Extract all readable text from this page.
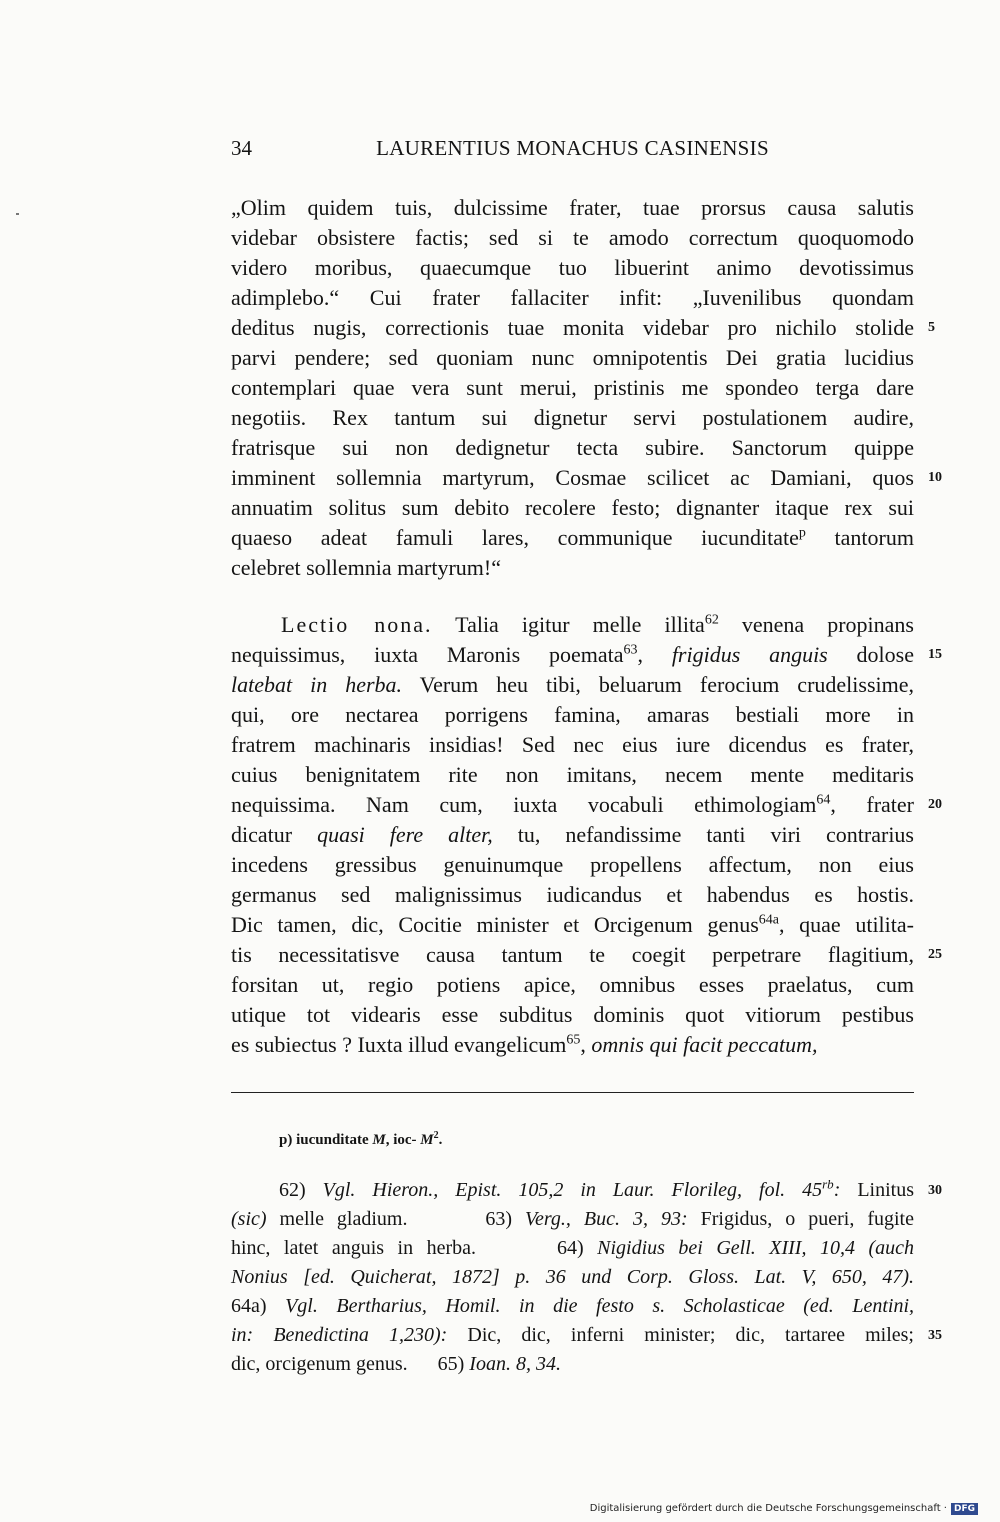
34	LAURENTIUS MONACHUS CASINENSIS
„Olim quidem tuis, dulcissime frater, tuae prorsus causa salutis
videbar obsistere factis; sed si te amodo correctum quoquomodo
videro moribus, quaecumque tuo libuerint animo devotissimus
adimplebo.“ Cui frater fallaciter infit: „Iuvenilibus quondam
deditus nugis, correctionis tuae monita videbar pro nichilo stolide 5
parvi pendere; sed quoniam nunc omnipotentis Dei gratia lucidius
contemplari quae vera sunt merui, pristinis me spondeo terga dare
negotiis. Rex tantum sui dignetur servi postulationem audire,
fratrisque sui non dedignetur tecta subire. Sanctorum quippe
imminent sollemnia martyrum, Cosmae scilicet ac Damiani, quos 10
annuatim solitus sum debito recolere festo; dignanter itaque rex sui
quaeso adeat famuli lares, communique iucunditate$^p$ tantorum
celebret sollemnia martyrum!“
Lectio nona. Talia igitur melle illita$^{62}$ venena propinans
nequissimus, iuxta Maronis poemata$^{63}$, frigidus anguis dolose 15
latebat in herba. Verum heu tibi, beluarum ferocium crudelissime,
qui, ore nectarea porrigens famina, amaras bestiali more in
fratrem machinaris insidias! Sed nec eius iure dicendus es frater,
cuius benignitatem rite non imitans, necem mente meditaris
nequissima. Nam cum, iuxta vocabuli ethimologiam$^{64}$, frater 20
dicatur quasi fere alter, tu, nefandissime tanti viri contrarius
incedens gressibus genuinumque propellens affectum, non eius
germanus sed malignissimus iudicandus et habendus es hostis.
Dic tamen, dic, Cocitie minister et Orcigenum genus$^{64a}$, quae utilita-
tis necessitatisve causa tantum te coegit perpetrare flagitium, 25
forsitan ut, regio potiens apice, omnibus esses praelatus, cum
utique tot videaris esse subditus dominis quot vitiorum pestibus
es subiectus ? Iuxta illud evangelicum$^{65}$, omnis qui facit peccatum,
p) iucunditate M, ioc- $M^2$.
62) Vgl. Hieron., Epist. 105,2 in Laur. Florileg, fol. $45^{rb}$: Linitus 30
(sic) melle gladium.      63) Verg., Buc. 3, 93: Frigidus, o pueri, fugite
hinc, latet anguis in herba.      64) Nigidius bei Gell. XIII, 10,4 (auch
Nonius [ed. Quicherat, 1872] p. 36 und Corp. Gloss. Lat. V, 650, 47).
64a) Vgl. Bertharius, Homil. in die festo s. Scholasticae (ed. Lentini,
in: Benedictina 1,230): Dic, dic, inferni minister; dic, tartaree miles; 35
dic, orcigenum genus.      65) Ioan. 8, 34.
Digitalisierung gefördert durch die Deutsche Forschungsgemeinschaft · DFG
